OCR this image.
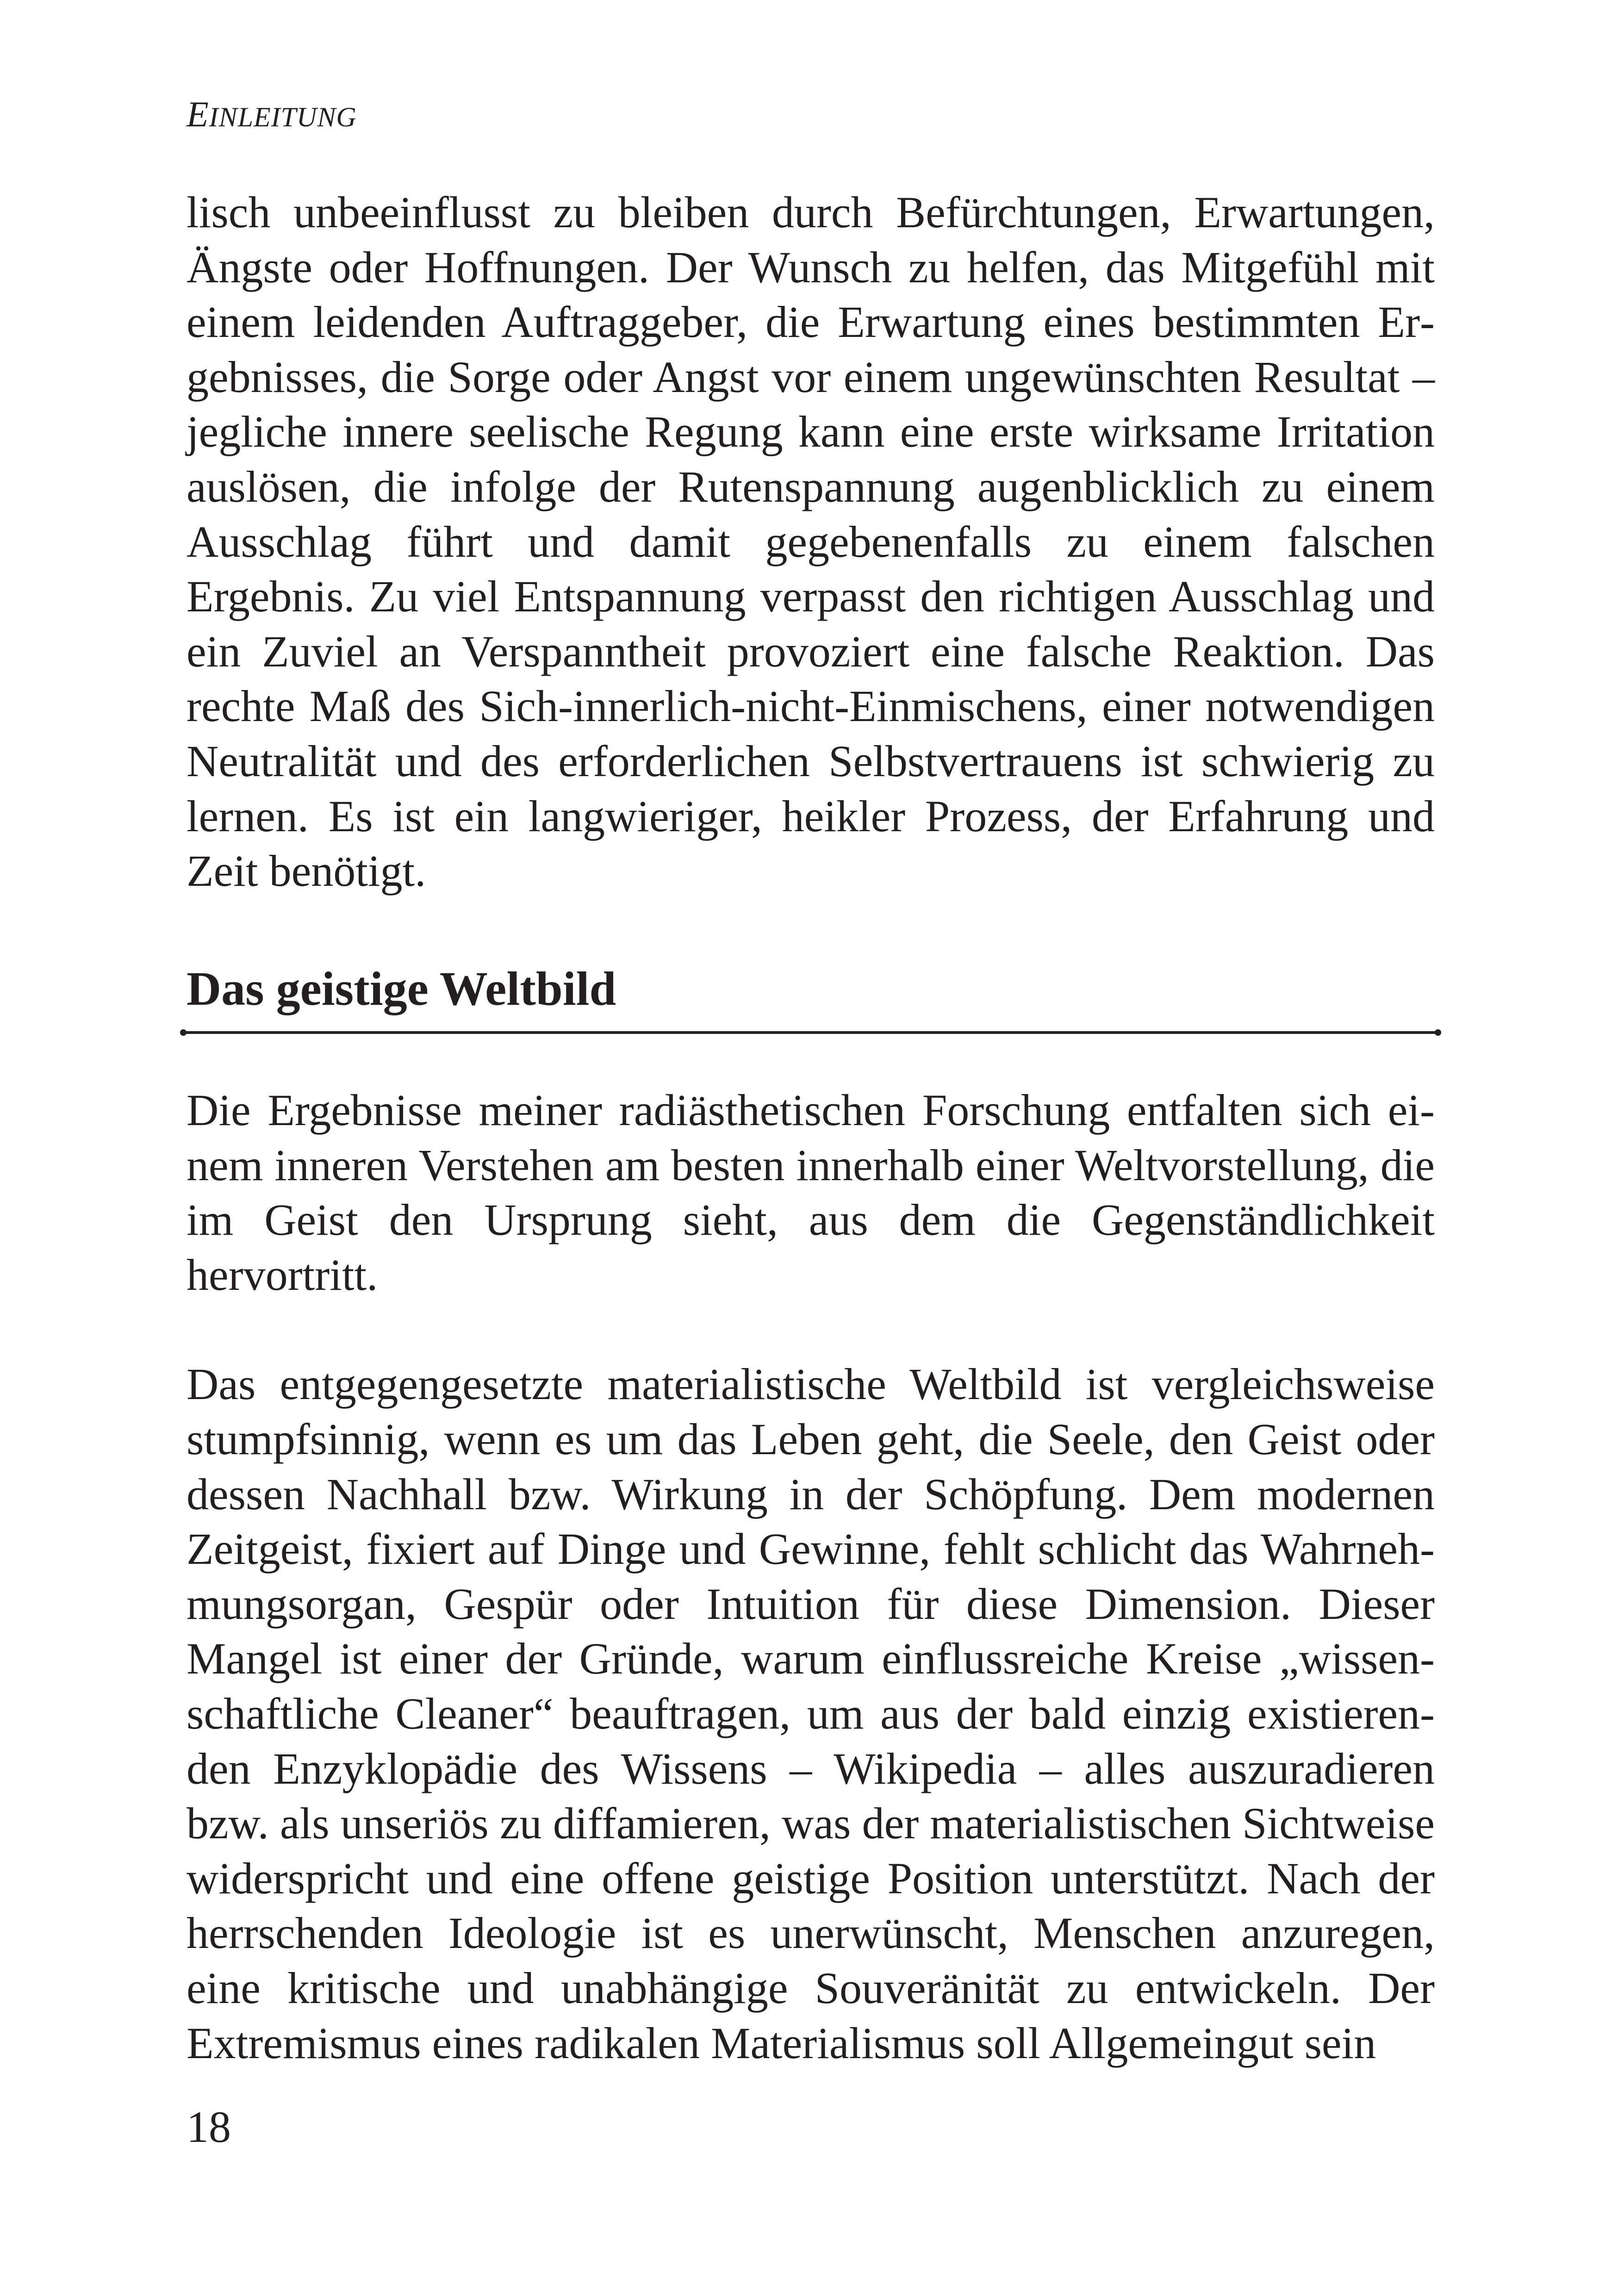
EINLEITUNG

lisch unbeeinflusst zu bleiben durch Befürchtungen, Erwartungen, Ängste oder Hoffnungen. Der Wunsch zu helfen, das Mitgefühl mit einem leidenden Auftraggeber, die Erwartung eines bestimmten Ergebnisses, die Sorge oder Angst vor einem ungewünschten Resultat – jegliche innere seelische Regung kann eine erste wirksame Irritation auslösen, die infolge der Rutenspannung augenblicklich zu einem Ausschlag führt und damit gegebenenfalls zu einem falschen Ergebnis. Zu viel Entspannung verpasst den richtigen Ausschlag und ein Zuviel an Verspanntheit provoziert eine falsche Reaktion. Das rechte Maß des Sich-innerlich-nicht-Einmischens, einer notwendigen Neutralität und des erforderlichen Selbstvertrauens ist schwierig zu lernen. Es ist ein langwieriger, heikler Prozess, der Erfahrung und Zeit benötigt.

Das geistige Weltbild

Die Ergebnisse meiner radiästhetischen Forschung entfalten sich einem inneren Verstehen am besten innerhalb einer Weltvorstellung, die im Geist den Ursprung sieht, aus dem die Gegenständlichkeit hervortritt.

Das entgegengesetzte materialistische Weltbild ist vergleichsweise stumpfsinnig, wenn es um das Leben geht, die Seele, den Geist oder dessen Nachhall bzw. Wirkung in der Schöpfung. Dem modernen Zeitgeist, fixiert auf Dinge und Gewinne, fehlt schlicht das Wahrnehmungsorgan, Gespür oder Intuition für diese Dimension. Dieser Mangel ist einer der Gründe, warum einflussreiche Kreise „wissenschaftliche Cleaner“ beauftragen, um aus der bald einzig existierenden Enzyklopädie des Wissens – Wikipedia – alles auszuradieren bzw. als unseriös zu diffamieren, was der materialistischen Sichtweise widerspricht und eine offene geistige Position unterstützt. Nach der herrschenden Ideologie ist es unerwünscht, Menschen anzuregen, eine kritische und unabhängige Souveränität zu entwickeln. Der Extremismus eines radikalen Materialismus soll Allgemeingut sein

18
